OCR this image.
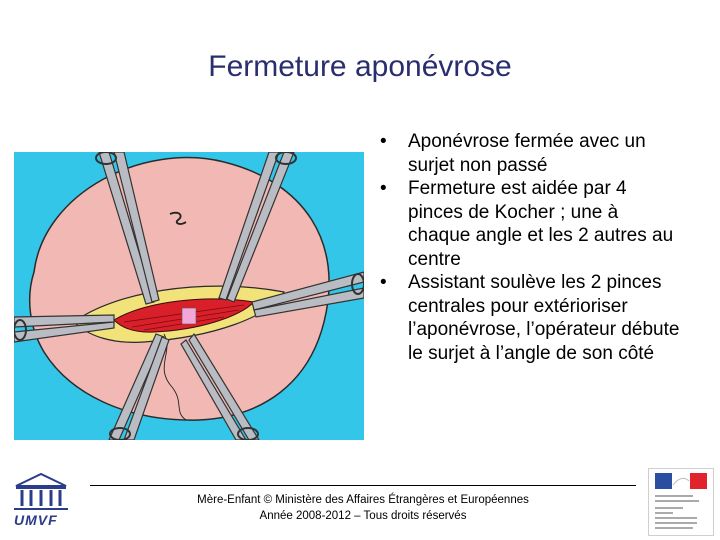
Fermeture aponévrose
•	Aponévrose fermée avec un surjet non passé
•	Fermeture est aidée par 4 pinces de Kocher ; une à chaque angle et les 2 autres au centre
•	Assistant soulève les 2 pinces centrales pour extérioriser l’aponévrose, l’opérateur débute le surjet à l’angle de son côté
Mère-Enfant © Ministère des Affaires Étrangères et Européennes
Année 2008-2012 – Tous droits réservés
UMVF
